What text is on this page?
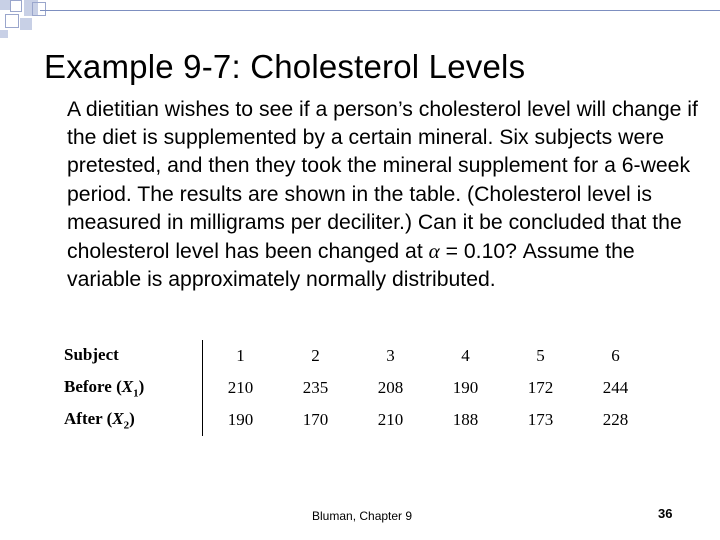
Example 9-7: Cholesterol Levels
A dietitian wishes to see if a person’s cholesterol level will change if the diet is supplemented by a certain mineral. Six subjects were pretested, and then they took the mineral supplement for a 6-week period. The results are shown in the table. (Cholesterol level is measured in milligrams per deciliter.) Can it be concluded that the cholesterol level has been changed at α = 0.10? Assume the variable is approximately normally distributed.
Subject	1	2	3	4	5	6
Before $(X_1)$	210	235	208	190	172	244
After $(X_2)$	190	170	210	188	173	228
Bluman, Chapter 9	36
